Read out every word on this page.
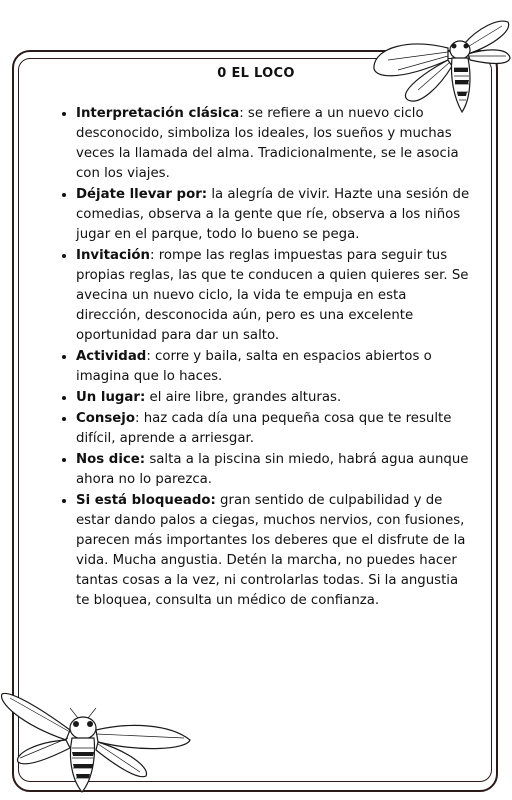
0 EL LOCO
• Interpretación clásica: se refiere a un nuevo ciclo desconocido, simboliza los ideales, los sueños y muchas veces la llamada del alma. Tradicionalmente, se le asocia con los viajes.
• Déjate llevar por: la alegría de vivir. Hazte una sesión de comedias, observa a la gente que ríe, observa a los niños jugar en el parque, todo lo bueno se pega.
• Invitación: rompe las reglas impuestas para seguir tus propias reglas, las que te conducen a quien quieres ser. Se avecina un nuevo ciclo, la vida te empuja en esta dirección, desconocida aún, pero es una excelente oportunidad para dar un salto.
• Actividad: corre y baila, salta en espacios abiertos o imagina que lo haces.
• Un lugar: el aire libre, grandes alturas.
• Consejo: haz cada día una pequeña cosa que te resulte difícil, aprende a arriesgar.
• Nos dice: salta a la piscina sin miedo, habrá agua aunque ahora no lo parezca.
• Si está bloqueado: gran sentido de culpabilidad y de estar dando palos a ciegas, muchos nervios, con fusiones, parecen más importantes los deberes que el disfrute de la vida. Mucha angustia. Detén la marcha, no puedes hacer tantas cosas a la vez, ni controlarlas todas. Si la angustia te bloquea, consulta un médico de confianza.
